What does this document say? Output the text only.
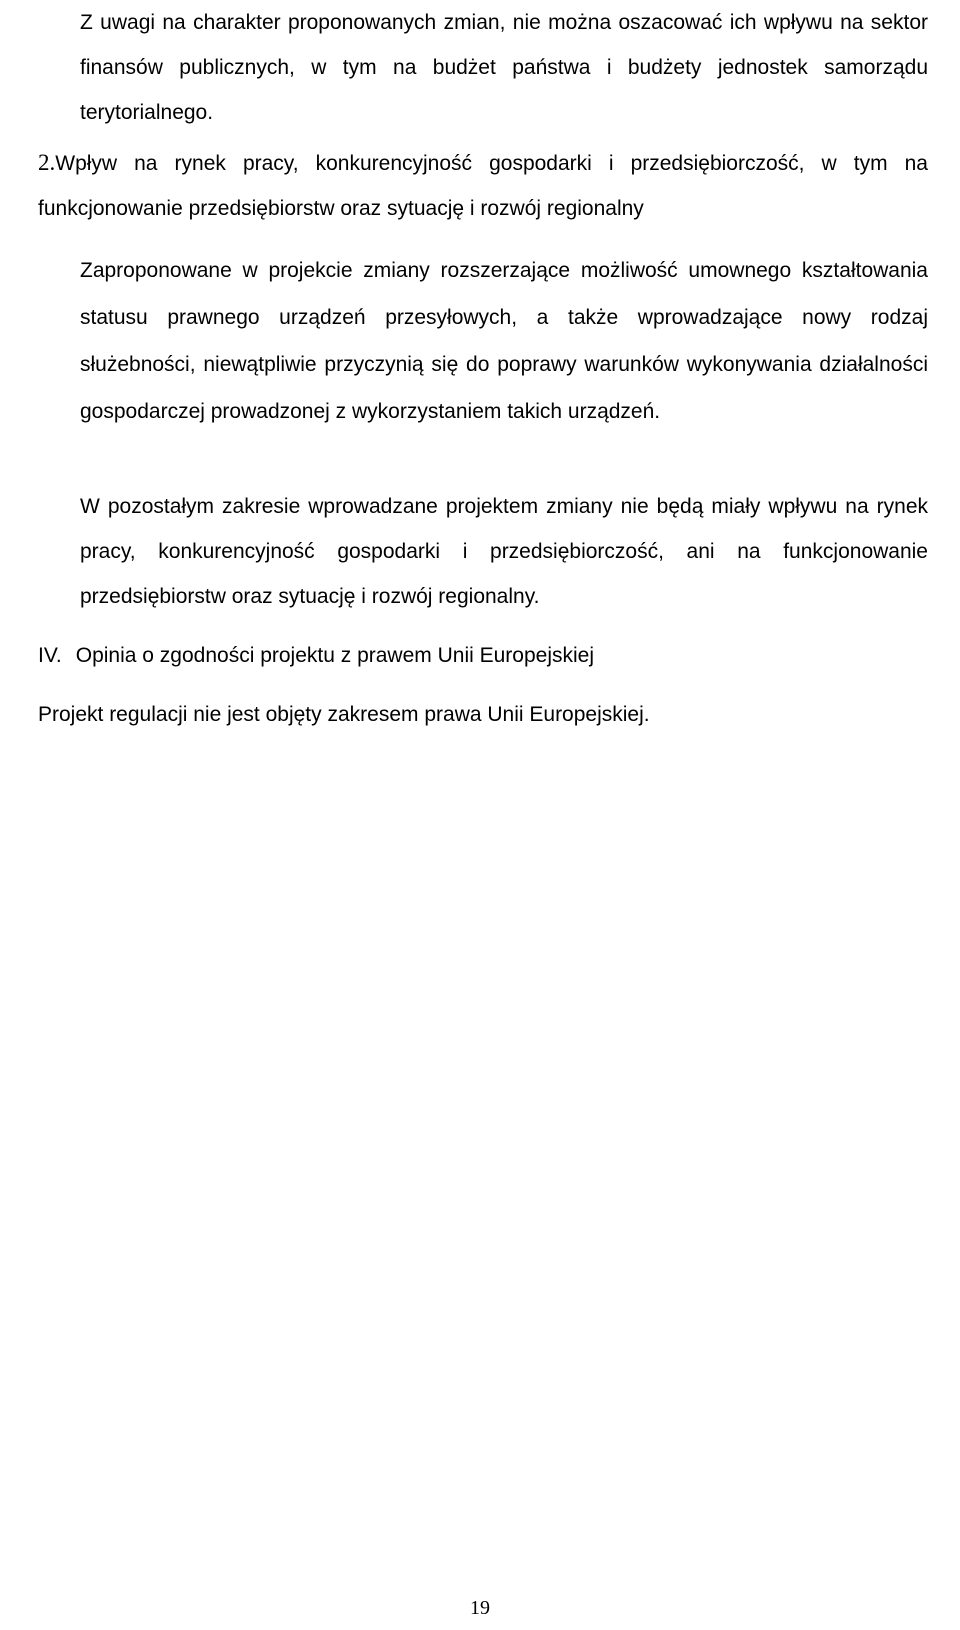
Z uwagi na charakter proponowanych zmian, nie można oszacować ich wpływu na sektor finansów publicznych, w tym na budżet państwa i budżety jednostek samorządu terytorialnego.

2.Wpływ na rynek pracy, konkurencyjność gospodarki i przedsiębiorczość, w tym na funkcjonowanie przedsiębiorstw oraz sytuację i rozwój regionalny

Zaproponowane w projekcie zmiany rozszerzające możliwość umownego kształtowania statusu prawnego urządzeń przesyłowych, a także wprowadzające nowy rodzaj służebności, niewątpliwie przyczynią się do poprawy warunków wykonywania działalności gospodarczej prowadzonej z wykorzystaniem takich urządzeń.

W pozostałym zakresie wprowadzane projektem zmiany nie będą miały wpływu na rynek pracy, konkurencyjność gospodarki i przedsiębiorczość, ani na funkcjonowanie przedsiębiorstw oraz sytuację i rozwój regionalny.

IV. Opinia o zgodności projektu z prawem Unii Europejskiej

Projekt regulacji nie jest objęty zakresem prawa Unii Europejskiej.

19
